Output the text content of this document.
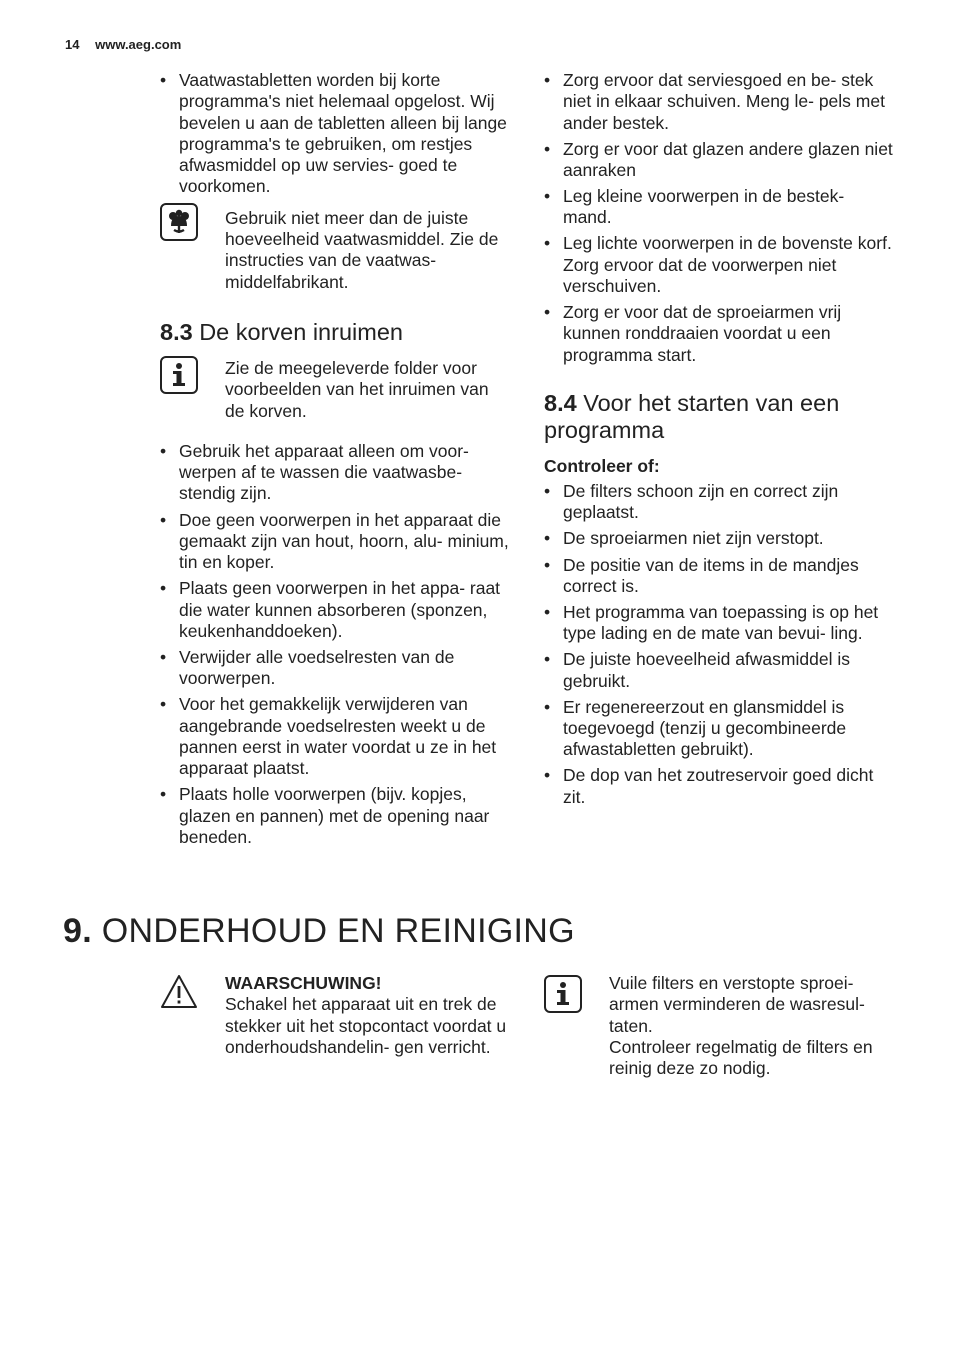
14 www.aeg.com
• Vaatwastabletten worden bij korte programma's niet helemaal opgelost. Wij bevelen u aan de tabletten alleen bij lange programma's te gebruiken, om restjes afwasmiddel op uw servies- goed te voorkomen.
Gebruik niet meer dan de juiste hoeveelheid vaatwasmiddel. Zie de instructies van de vaatwas- middelfabrikant.
8.3 De korven inruimen
Zie de meegeleverde folder voor voorbeelden van het inruimen van de korven.
• Gebruik het apparaat alleen om voor- werpen af te wassen die vaatwasbe- stendig zijn.
• Doe geen voorwerpen in het apparaat die gemaakt zijn van hout, hoorn, alu- minium, tin en koper.
• Plaats geen voorwerpen in het appa- raat die water kunnen absorberen (sponzen, keukenhanddoeken).
• Verwijder alle voedselresten van de voorwerpen.
• Voor het gemakkelijk verwijderen van aangebrande voedselresten weekt u de pannen eerst in water voordat u ze in het apparaat plaatst.
• Plaats holle voorwerpen (bijv. kopjes, glazen en pannen) met de opening naar beneden.
• Zorg ervoor dat serviesgoed en be- stek niet in elkaar schuiven. Meng le- pels met ander bestek.
• Zorg er voor dat glazen andere glazen niet aanraken
• Leg kleine voorwerpen in de bestek- mand.
• Leg lichte voorwerpen in de bovenste korf. Zorg ervoor dat de voorwerpen niet verschuiven.
• Zorg er voor dat de sproeiarmen vrij kunnen ronddraaien voordat u een programma start.
8.4 Voor het starten van een programma
Controleer of:
• De filters schoon zijn en correct zijn geplaatst.
• De sproeiarmen niet zijn verstopt.
• De positie van de items in de mandjes correct is.
• Het programma van toepassing is op het type lading en de mate van bevui- ling.
• De juiste hoeveelheid afwasmiddel is gebruikt.
• Er regenereerzout en glansmiddel is toegevoegd (tenzij u gecombineerde afwastabletten gebruikt).
• De dop van het zoutreservoir goed dicht zit.
9. ONDERHOUD EN REINIGING
WAARSCHUWING!
Schakel het apparaat uit en trek de stekker uit het stopcontact voordat u onderhoudshandelin- gen verricht.
Vuile filters en verstopte sproei- armen verminderen de wasresul- taten.
Controleer regelmatig de filters en reinig deze zo nodig.
